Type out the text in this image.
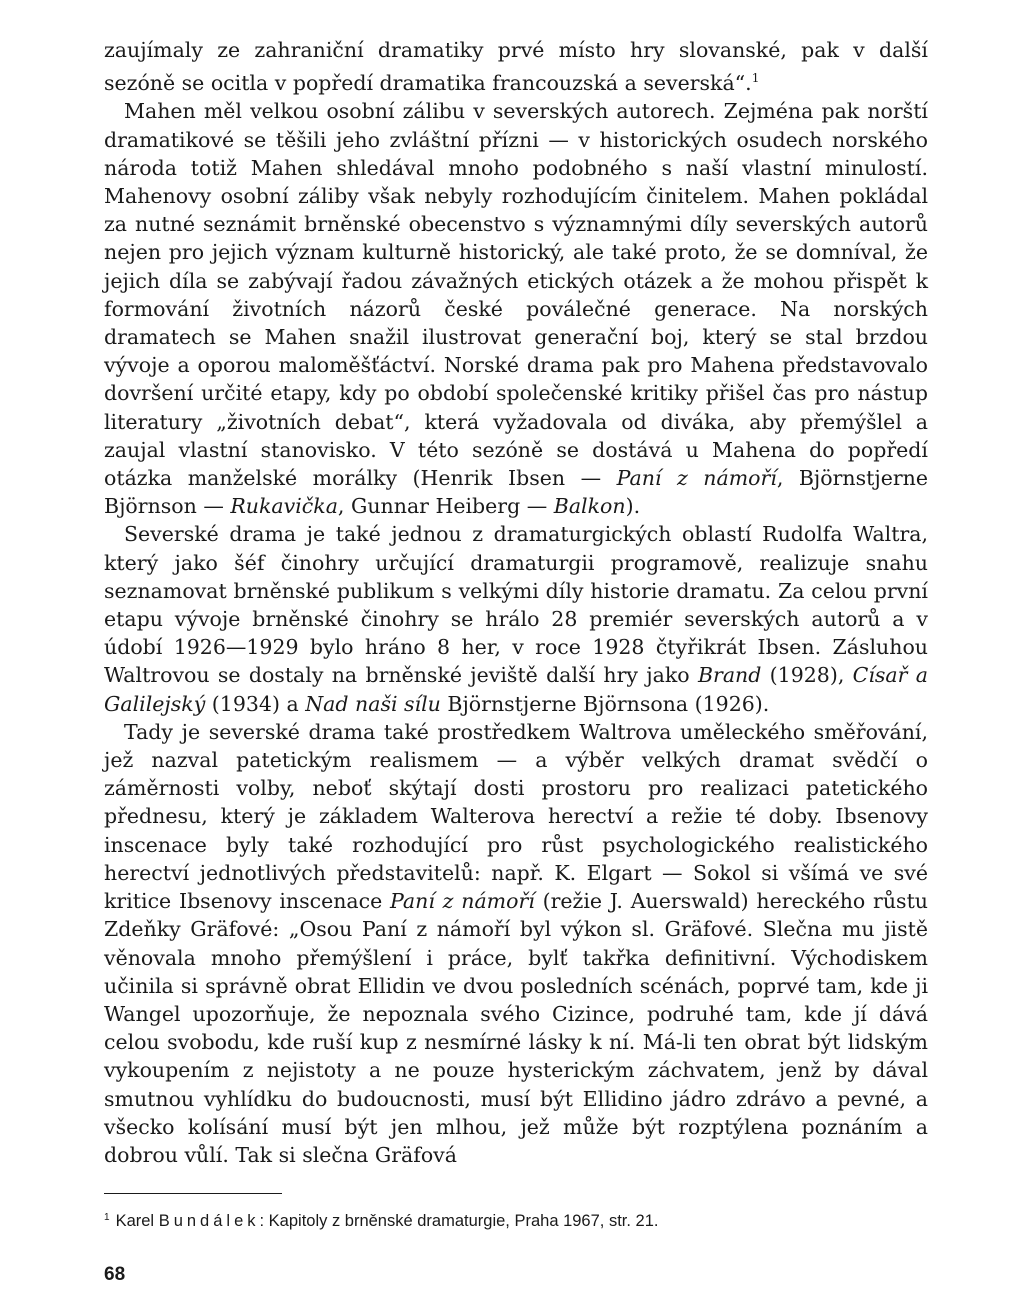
zaujímaly ze zahraniční dramatiky prvé místo hry slovanské, pak v další sezóně se ocitla v popředí dramatika francouzská a severská“.$^1$

Mahen měl velkou osobní zálibu v severských autorech. Zejména pak norští dramatikové se těšili jeho zvláštní přízni — v historických osudech norského národa totiž Mahen shledával mnoho podobného s naší vlastní minulostí. Mahenovy osobní záliby však nebyly rozhodujícím činitelem. Mahen pokládal za nutné seznámit brněnské obecenstvo s významnými díly severských autorů nejen pro jejich význam kulturně historický, ale také proto, že se domníval, že jejich díla se zabývají řadou závažných etických otázek a že mohou přispět k formování životních názorů české poválečné generace. Na norských dramatech se Mahen snažil ilustrovat generační boj, který se stal brzdou vývoje a oporou maloměšťáctví. Norské drama pak pro Mahena představovalo dovršení určité etapy, kdy po období společenské kritiky přišel čas pro nástup literatury „životních debat“, která vyžadovala od diváka, aby přemýšlel a zaujal vlastní stanovisko. V této sezóně se dostává u Mahena do popředí otázka manželské morálky (Henrik Ibsen — Paní z námoří, Björnstjerne Björnson — Rukavička, Gunnar Heiberg — Balkon).

Severské drama je také jednou z dramaturgických oblastí Rudolfa Waltra, který jako šéf činohry určující dramaturgii programově, realizuje snahu seznamovat brněnské publikum s velkými díly historie dramatu. Za celou první etapu vývoje brněnské činohry se hrálo 28 premiér severských autorů a v údobí 1926—1929 bylo hráno 8 her, v roce 1928 čtyřikrát Ibsen. Zásluhou Waltrovou se dostaly na brněnské jeviště další hry jako Brand (1928), Císař a Galilejský (1934) a Nad naši sílu Björnstjerne Björnsona (1926).

Tady je severské drama také prostředkem Waltrova uměleckého směřování, jež nazval patetickým realismem — a výběr velkých dramat svědčí o záměrnosti volby, neboť skýtají dosti prostoru pro realizaci patetického přednesu, který je základem Walterova herectví a režie té doby. Ibsenovy inscenace byly také rozhodující pro růst psychologického realistického herectví jednotlivých představitelů: např. K. Elgart — Sokol si všímá ve své kritice Ibsenovy inscenace Paní z námoří (režie J. Auerswald) hereckého růstu Zdeňky Gräfové: „Osou Paní z námoří byl výkon sl. Gräfové. Slečna mu jistě věnovala mnoho přemýšlení i práce, bylť takřka definitivní. Východiskem učinila si správně obrat Ellidin ve dvou posledních scénách, poprvé tam, kde ji Wangel upozorňuje, že nepoznala svého Cizince, podruhé tam, kde jí dává celou svobodu, kde ruší kup z nesmírné lásky k ní. Má-li ten obrat být lidským vykoupením z nejistoty a ne pouze hysterickým záchvatem, jenž by dával smutnou vyhlídku do budoucnosti, musí být Ellidino jádro zdrávo a pevné, a všecko kolísání musí být jen mlhou, jež může být rozptýlena poznáním a dobrou vůlí. Tak si slečna Gräfová

$^1$ Karel Bundálek: Kapitoly z brněnské dramaturgie, Praha 1967, str. 21.
68
